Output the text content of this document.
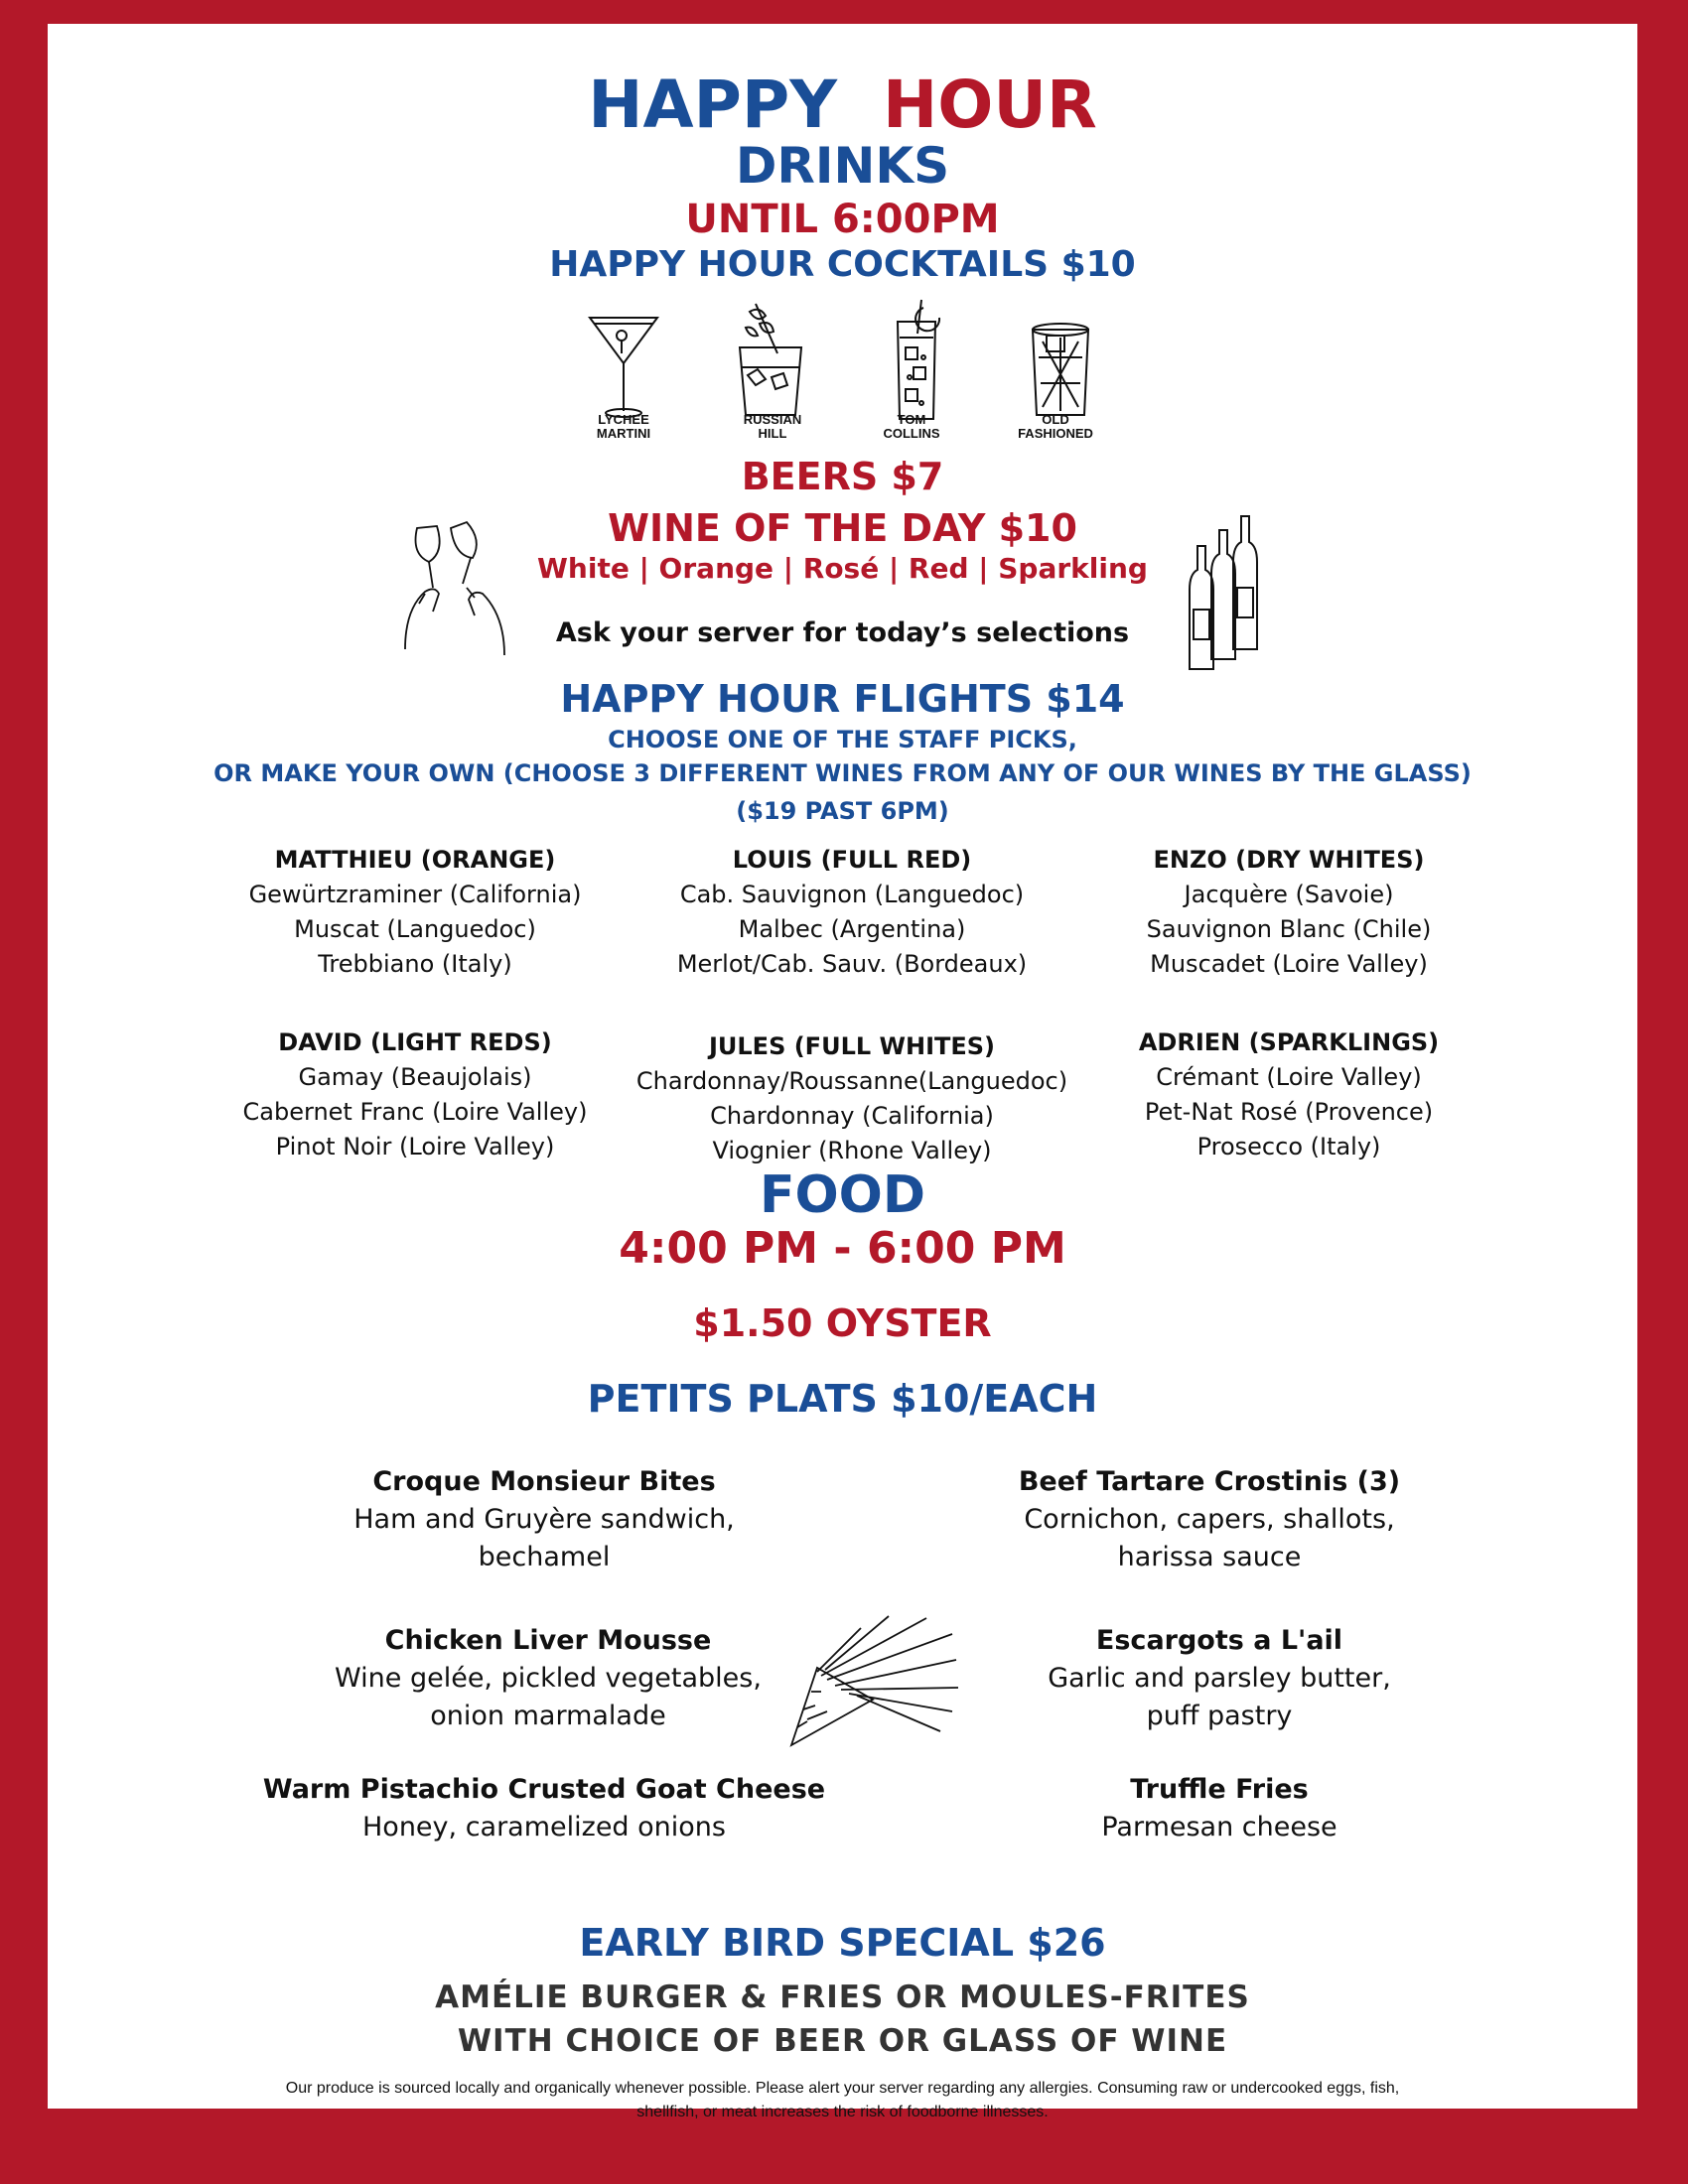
HAPPY HOUR
DRINKS
UNTIL 6:00PM
HAPPY HOUR COCKTAILS $10
LYCHEE
MARTINI
RUSSIAN
HILL
TOM
COLLINS
OLD
FASHIONED
BEERS $7
WINE OF THE DAY $10
White | Orange | Rosé | Red | Sparkling
Ask your server for today’s selections
HAPPY HOUR FLIGHTS $14
CHOOSE ONE OF THE STAFF PICKS,
OR MAKE YOUR OWN (CHOOSE 3 DIFFERENT WINES FROM ANY OF OUR WINES BY THE GLASS)
($19 PAST 6PM)
MATTHIEU (ORANGE)
Gewürtzraminer (California)
Muscat (Languedoc)
Trebbiano (Italy)
LOUIS (FULL RED)
Cab. Sauvignon (Languedoc)
Malbec (Argentina)
Merlot/Cab. Sauv. (Bordeaux)
ENZO (DRY WHITES)
Jacquère (Savoie)
Sauvignon Blanc (Chile)
Muscadet (Loire Valley)
DAVID (LIGHT REDS)
Gamay (Beaujolais)
Cabernet Franc (Loire Valley)
Pinot Noir (Loire Valley)
JULES (FULL WHITES)
Chardonnay/Roussanne(Languedoc)
Chardonnay (California)
Viognier (Rhone Valley)
ADRIEN (SPARKLINGS)
Crémant (Loire Valley)
Pet-Nat Rosé (Provence)
Prosecco (Italy)
FOOD
4:00 PM - 6:00 PM
$1.50 OYSTER
PETITS PLATS $10/EACH
Croque Monsieur Bites
Ham and Gruyère sandwich,
bechamel
Beef Tartare Crostinis (3)
Cornichon, capers, shallots,
harissa sauce
Chicken Liver Mousse
Wine gelée, pickled vegetables,
onion marmalade
Escargots a L'ail
Garlic and parsley butter,
puff pastry
Warm Pistachio Crusted Goat Cheese
Honey, caramelized onions
Truffle Fries
Parmesan cheese
EARLY BIRD SPECIAL $26
AMÉLIE BURGER & FRIES OR MOULES-FRITES
WITH CHOICE OF BEER OR GLASS OF WINE
Our produce is sourced locally and organically whenever possible. Please alert your server regarding any allergies. Consuming raw or undercooked eggs, fish,
shellfish, or meat increases the risk of foodborne illnesses.
